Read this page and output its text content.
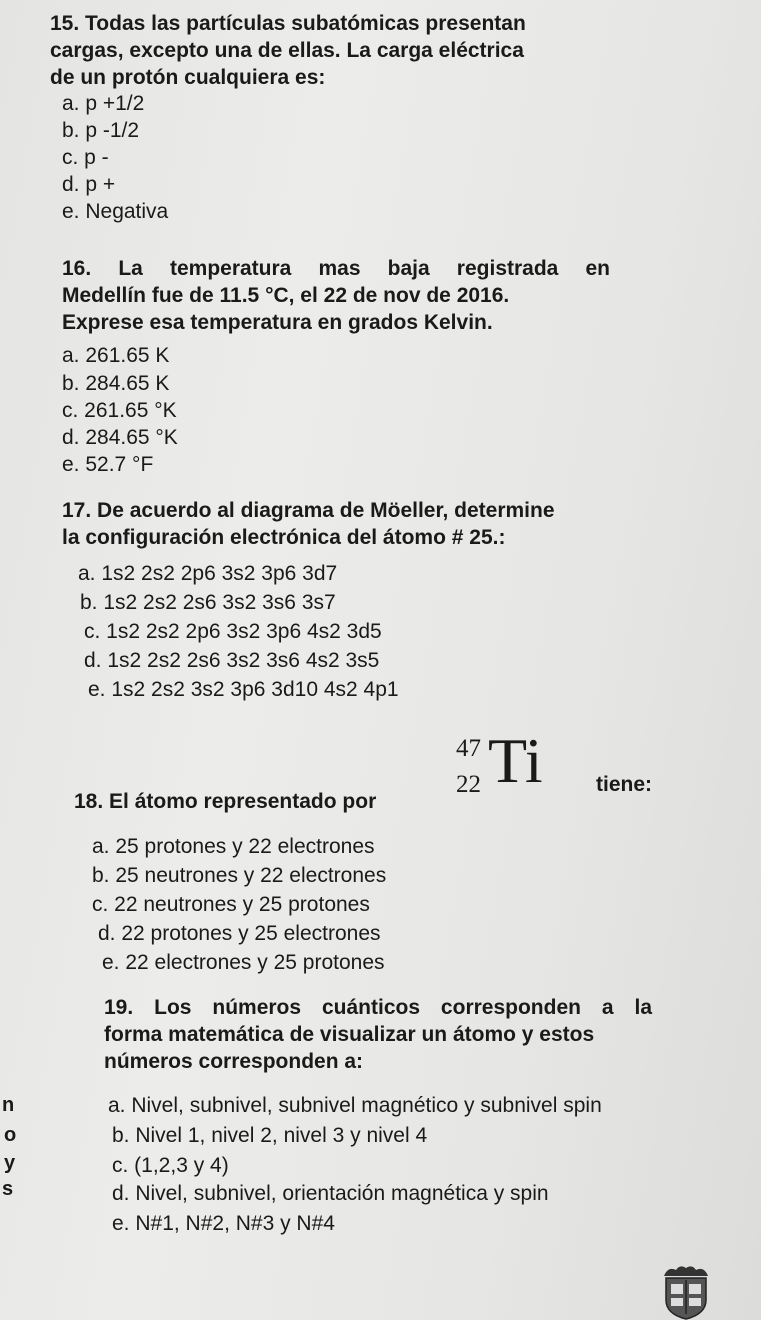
15. Todas las partículas subatómicas presentan
cargas, excepto una de ellas. La carga eléctrica
de un protón cualquiera es:
a. p +1/2
b. p -1/2
c. p -
d. p +
e. Negativa
16. La temperatura mas baja registrada en
Medellín fue de 11.5 °C, el 22 de nov de 2016.
Exprese esa temperatura en grados Kelvin.
a. 261.65 K
b. 284.65 K
c. 261.65 °K
d. 284.65 °K
e. 52.7 °F
17. De acuerdo al diagrama de Möeller, determine
la configuración electrónica del átomo # 25.:
a. 1s2 2s2 2p6 3s2 3p6 3d7
b. 1s2 2s2 2s6 3s2 3s6 3s7
c. 1s2 2s2 2p6 3s2 3p6 4s2 3d5
d. 1s2 2s2 2s6 3s2 3s6 4s2 3s5
e. 1s2 2s2 3s2 3p6 3d10 4s2 4p1
18. El átomo representado por
47
22 Ti	tiene:
a. 25 protones y 22 electrones
b. 25 neutrones y 22 electrones
c. 22 neutrones y 25 protones
d. 22 protones y 25 electrones
e. 22 electrones y 25 protones
19. Los números cuánticos corresponden a la
forma matemática de visualizar un átomo y estos
números corresponden a:
a. Nivel, subnivel, subnivel magnético y subnivel spin
b. Nivel 1, nivel 2, nivel 3 y nivel 4
c. (1,2,3 y 4)
d. Nivel, subnivel, orientación magnética y spin
e. N#1, N#2, N#3 y N#4
n
o
y
s
